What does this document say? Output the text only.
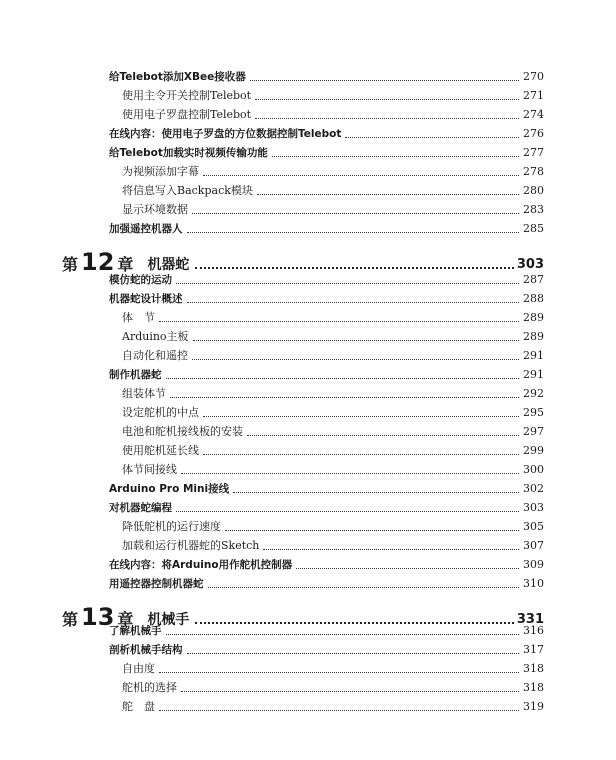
给Telebot添加XBee接收器	270
使用主令开关控制Telebot	271
使用电子罗盘控制Telebot	274
在线内容：使用电子罗盘的方位数据控制Telebot	276
给Telebot加载实时视频传输功能	277
为视频添加字幕	278
将信息写入Backpack模块	280
显示环境数据	283
加强遥控机器人	285
第 12 章 机器蛇	303
模仿蛇的运动	287
机器蛇设计概述	288
体　节	289
Arduino主板	289
自动化和遥控	291
制作机器蛇	291
组装体节	292
设定舵机的中点	295
电池和舵机接线板的安装	297
使用舵机延长线	299
体节间接线	300
Arduino Pro Mini接线	302
对机器蛇编程	303
降低舵机的运行速度	305
加载和运行机器蛇的Sketch	307
在线内容：将Arduino用作舵机控制器	309
用遥控器控制机器蛇	310
第 13 章 机械手	331
了解机械手	316
剖析机械手结构	317
自由度	318
舵机的选择	318
舵　盘	319
